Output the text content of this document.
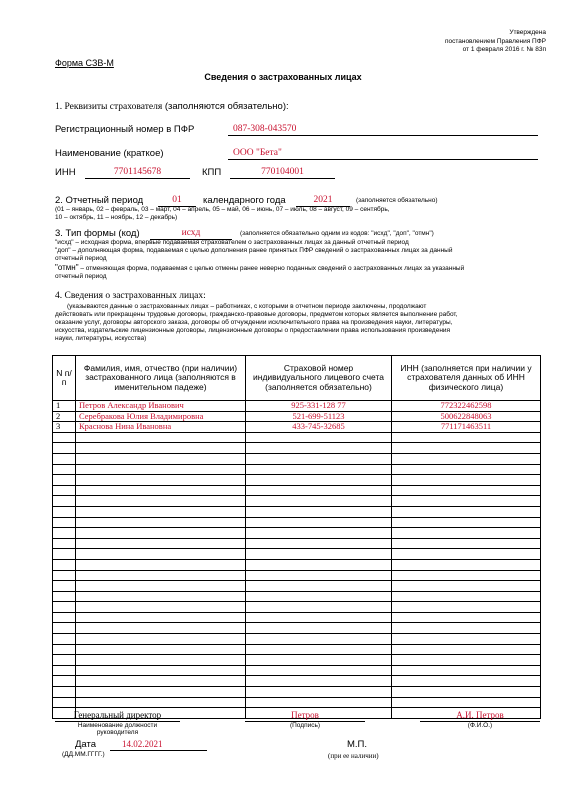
Утверждена
постановлением Правления ПФР
от 1 февраля 2016 г. № 83п
Форма СЗВ-М
Сведения о застрахованных лицах
1. Реквизиты страхователя (заполняются обязательно):
Регистрационный номер в ПФР	087-308-043570
Наименование (краткое)	ООО "Бета"
ИНН	7701145678	КПП	770104001
2. Отчетный период	01	календарного года	2021	(заполняется обязательно)
(01 – январь, 02 – февраль, 03 – март, 04 – апрель, 05 – май, 06 – июнь, 07 – июль, 08 – август, 09 – сентябрь,
10 – октябрь, 11 – ноябрь, 12 – декабрь)
3. Тип формы (код)	исхд	(заполняется обязательно одним из кодов: "исхд", "доп", "отмн")
"исхд" – исходная форма, впервые подаваемая страхователем о застрахованных лицах за данный отчетный период
"доп" – дополняющая форма, подаваемая с целью дополнения ранее принятых ПФР сведений о застрахованных лицах за данный
отчетный период
"отмн" – отменяющая форма, подаваемая с целью отмены ранее неверно поданных сведений о застрахованных лицах за указанный
отчетный период
4. Сведения о застрахованных лицах:
(указываются данные о застрахованных лицах – работниках, с которыми в отчетном периоде заключены, продолжают
действовать или прекращены трудовые договоры, гражданско-правовые договоры, предметом которых является выполнение работ,
оказание услуг, договоры авторского заказа, договоры об отчуждении исключительного права на произведения науки, литературы,
искусства, издательские лицензионные договоры, лицензионные договоры о предоставлении права использования произведения
науки, литературы, искусства)
N п/п	Фамилия, имя, отчество (при наличии) застрахованного лица (заполняются в именительном падеже)	Страховой номер индивидуального лицевого счета (заполняется обязательно)	ИНН (заполняется при наличии у страхователя данных об ИНН физического лица)
1	Петров Александр Иванович	925-331-128 77	772322462598
2	Серебракова Юлия Владимировна	521-699-51123	500622848063
3	Краснова Нина Ивановна	433-745-32685	771171463511

Генеральный директор
Наименование должности
руководителя
Петров
(Подпись)
А.И. Петров
(Ф.И.О.)
Дата	14.02.2021
(ДД.ММ.ГГГГ.)
М.П.
(при ее наличии)
